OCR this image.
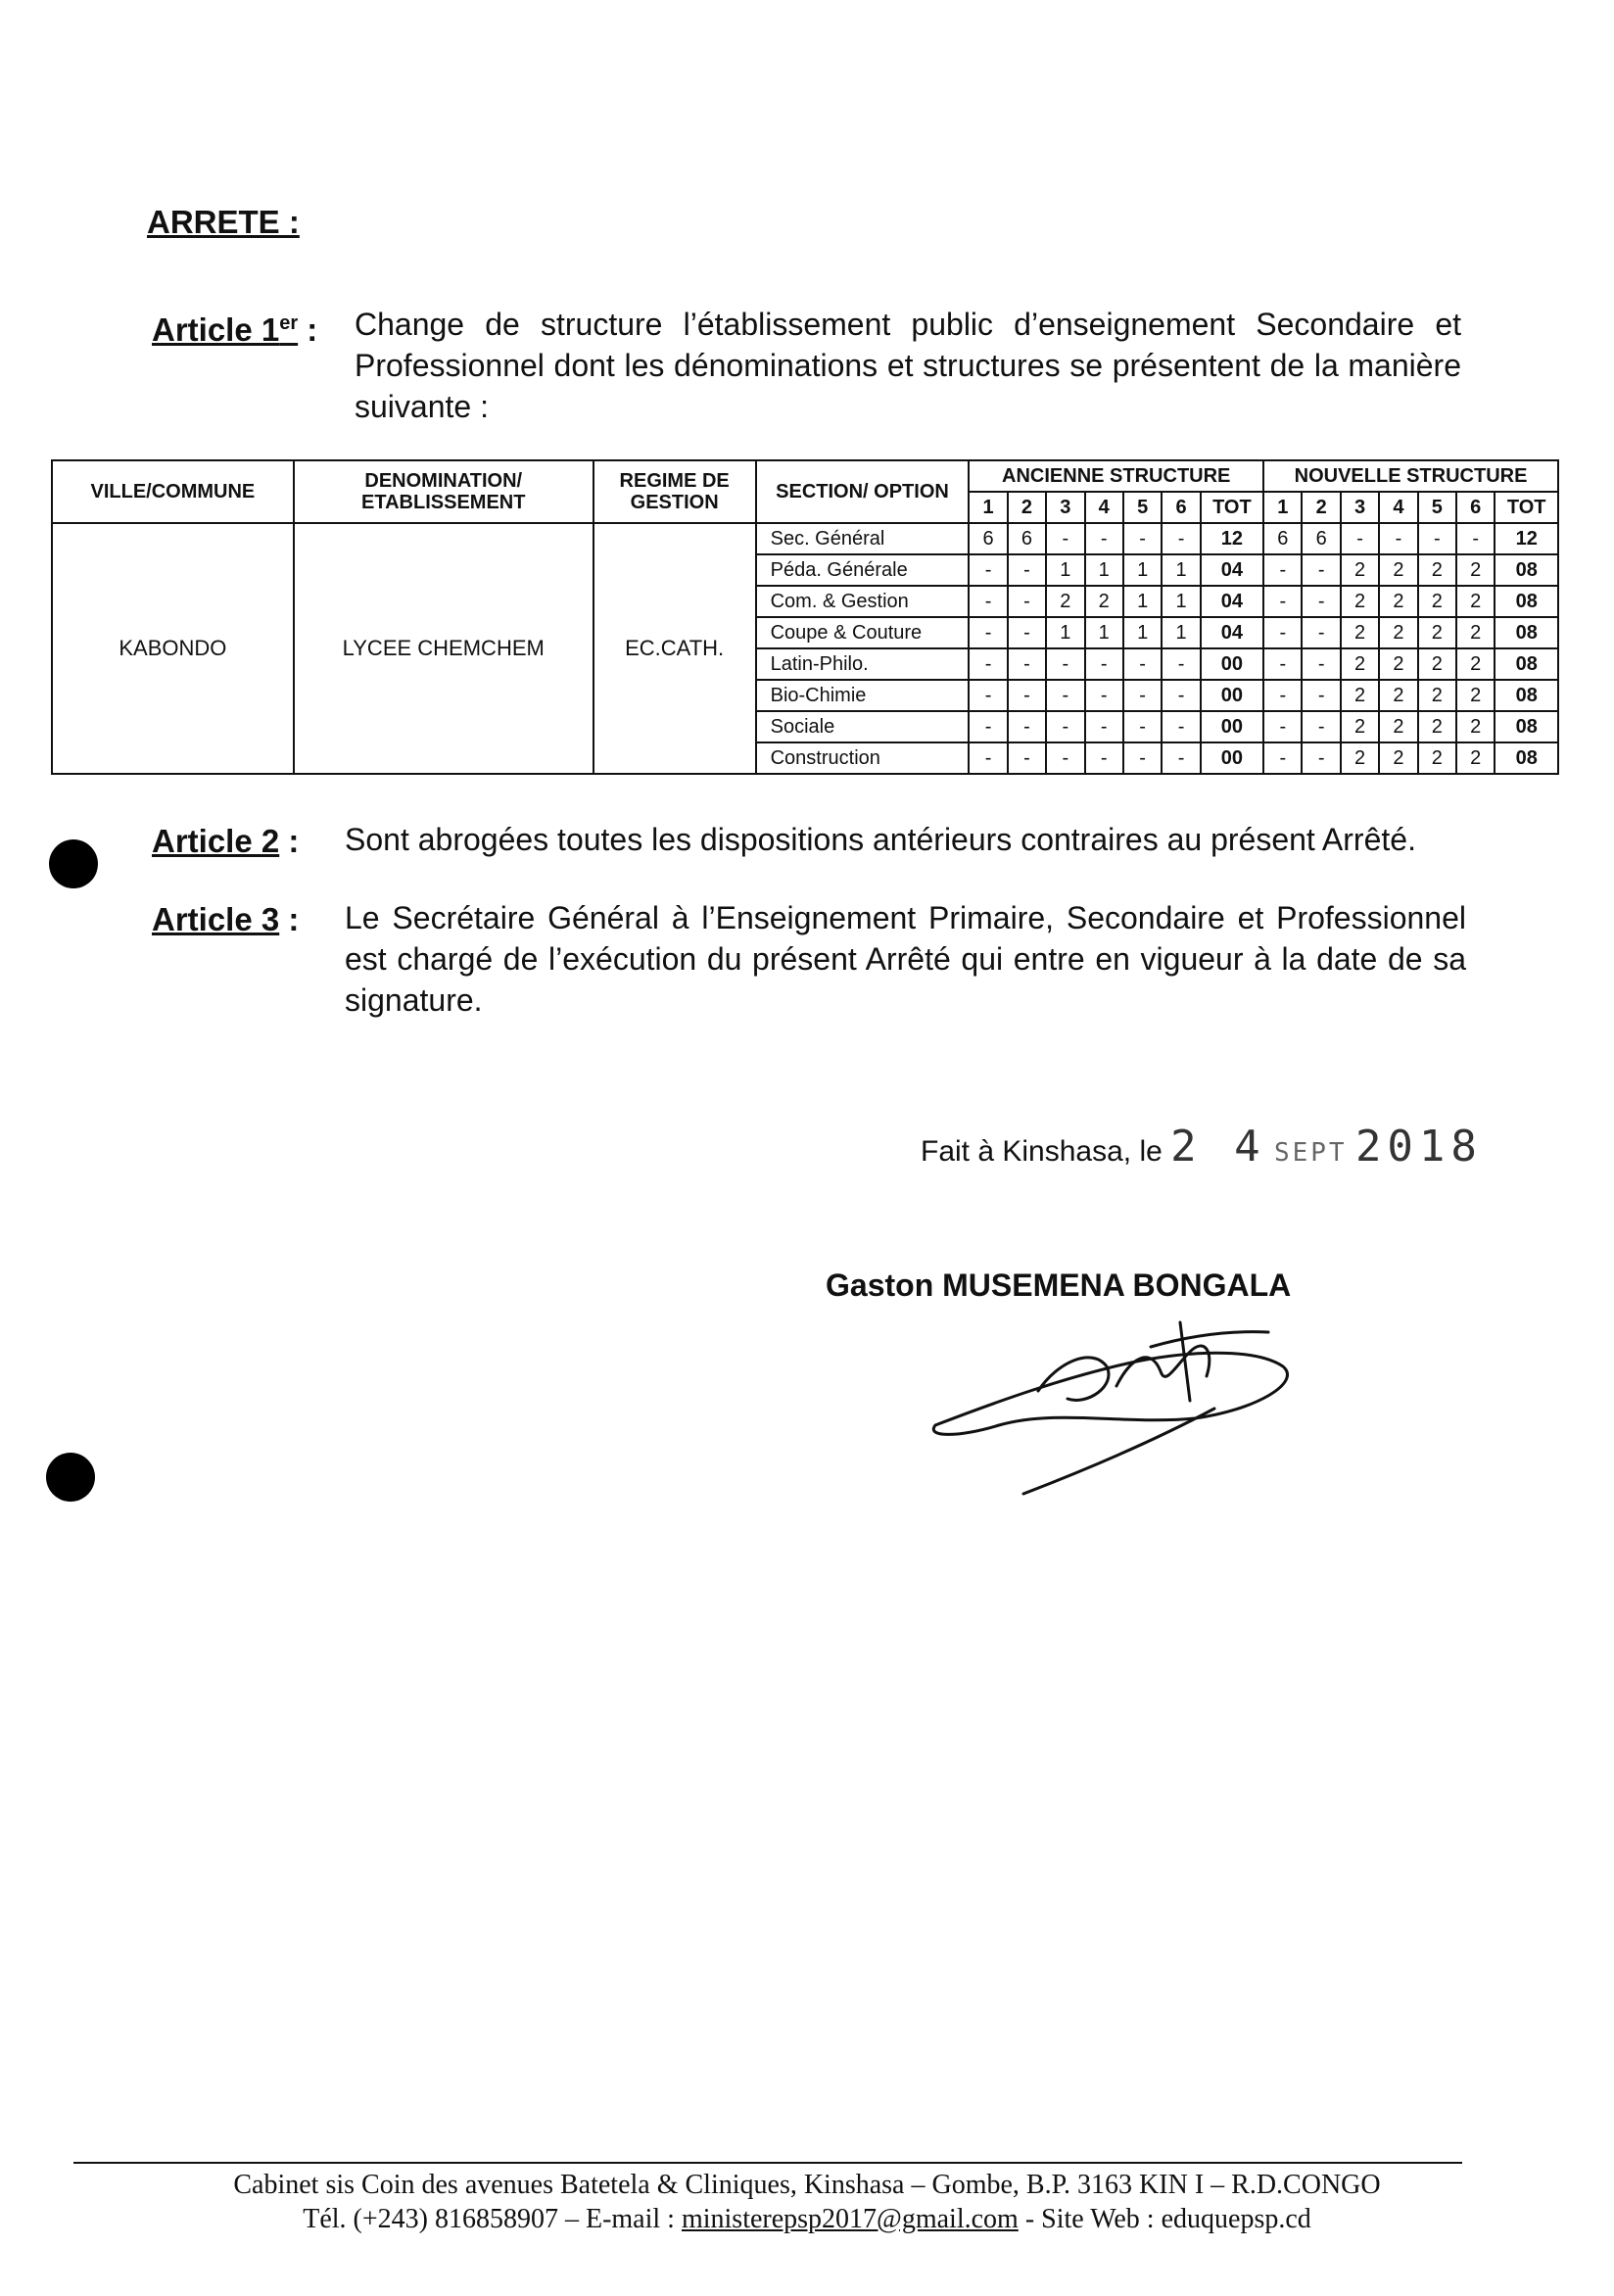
ARRETE :
Article 1er : Change de structure l’établissement public d’enseignement Secondaire et Professionnel dont les dénominations et structures se présentent de la manière suivante :
VILLE/COMMUNE	DENOMINATION/ ETABLISSEMENT	REGIME DE GESTION	SECTION/ OPTION	ANCIENNE STRUCTURE							NOUVELLE STRUCTURE						
				1	2	3	4	5	6	TOT	1	2	3	4	5	6	TOT
KABONDO	LYCEE CHEMCHEM	EC.CATH.	Sec. Général	6	6	-	-	-	-	12	6	6	-	-	-	-	12
			Péda. Générale	-	-	1	1	1	1	04	-	-	2	2	2	2	08
			Com. & Gestion	-	-	2	2	1	1	04	-	-	2	2	2	2	08
			Coupe & Couture	-	-	1	1	1	1	04	-	-	2	2	2	2	08
			Latin-Philo.	-	-	-	-	-	-	00	-	-	2	2	2	2	08
			Bio-Chimie	-	-	-	-	-	-	00	-	-	2	2	2	2	08
			Sociale	-	-	-	-	-	-	00	-	-	2	2	2	2	08
			Construction	-	-	-	-	-	-	00	-	-	2	2	2	2	08
Article 2 : Sont abrogées toutes les dispositions antérieurs contraires au présent Arrêté.
Article 3 : Le Secrétaire Général à l’Enseignement Primaire, Secondaire et Professionnel est chargé de l’exécution du présent Arrêté qui entre en vigueur à la date de sa signature.
Fait à Kinshasa, le 2 4 SEPT 2018
Gaston MUSEMENA BONGALA
Cabinet sis Coin des avenues Batetela & Cliniques, Kinshasa – Gombe, B.P. 3163 KIN I – R.D.CONGO
Tél. (+243) 816858907 – E-mail : ministerepsp2017@gmail.com - Site Web : eduquepsp.cd
